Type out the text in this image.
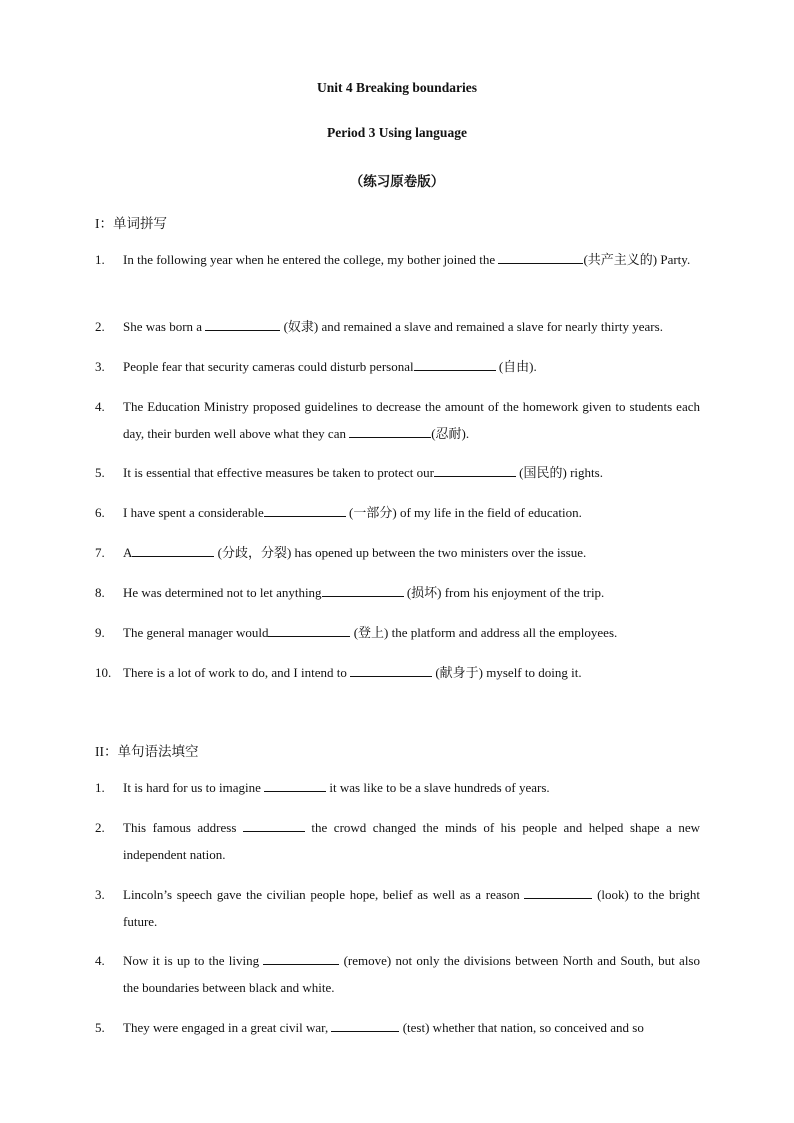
Unit 4 Breaking boundaries
Period 3 Using language
（练习原卷版）
I：单词拼写
1.	In the following year when he entered the college, my bother joined the	(共产主义的) Party.
2.	She was born a	(奴隶) and remained a slave and remained a slave for nearly thirty years.
3.	People fear that security cameras could disturb personal	(自由).
4.	The Education Ministry proposed guidelines to decrease the amount of the homework given to students each day, their burden well above what they can	(忍耐).
5.	It is essential that effective measures be taken to protect our	(国民的) rights.
6.	I have spent a considerable	(一部分) of my life in the field of education.
7.	A	(分歧，分裂) has opened up between the two ministers over the issue.
8.	He was determined not to let anything	(损坏) from his enjoyment of the trip.
9.	The general manager would	(登上) the platform and address all the employees.
10. There is a lot of work to do, and I intend to	(献身于) myself to doing it.
II：单句语法填空
1.	It is hard for us to imagine	it was like to be a slave hundreds of years.
2.	This famous address	the crowd changed the minds of his people and helped shape a new independent nation.
3.	Lincoln’s speech gave the civilian people hope, belief as well as a reason	(look) to the bright future.
4.	Now it is up to the living	(remove) not only the divisions between North and South, but also the boundaries between black and white.
5.	They were engaged in a great civil war,	(test) whether that nation, so conceived and so
